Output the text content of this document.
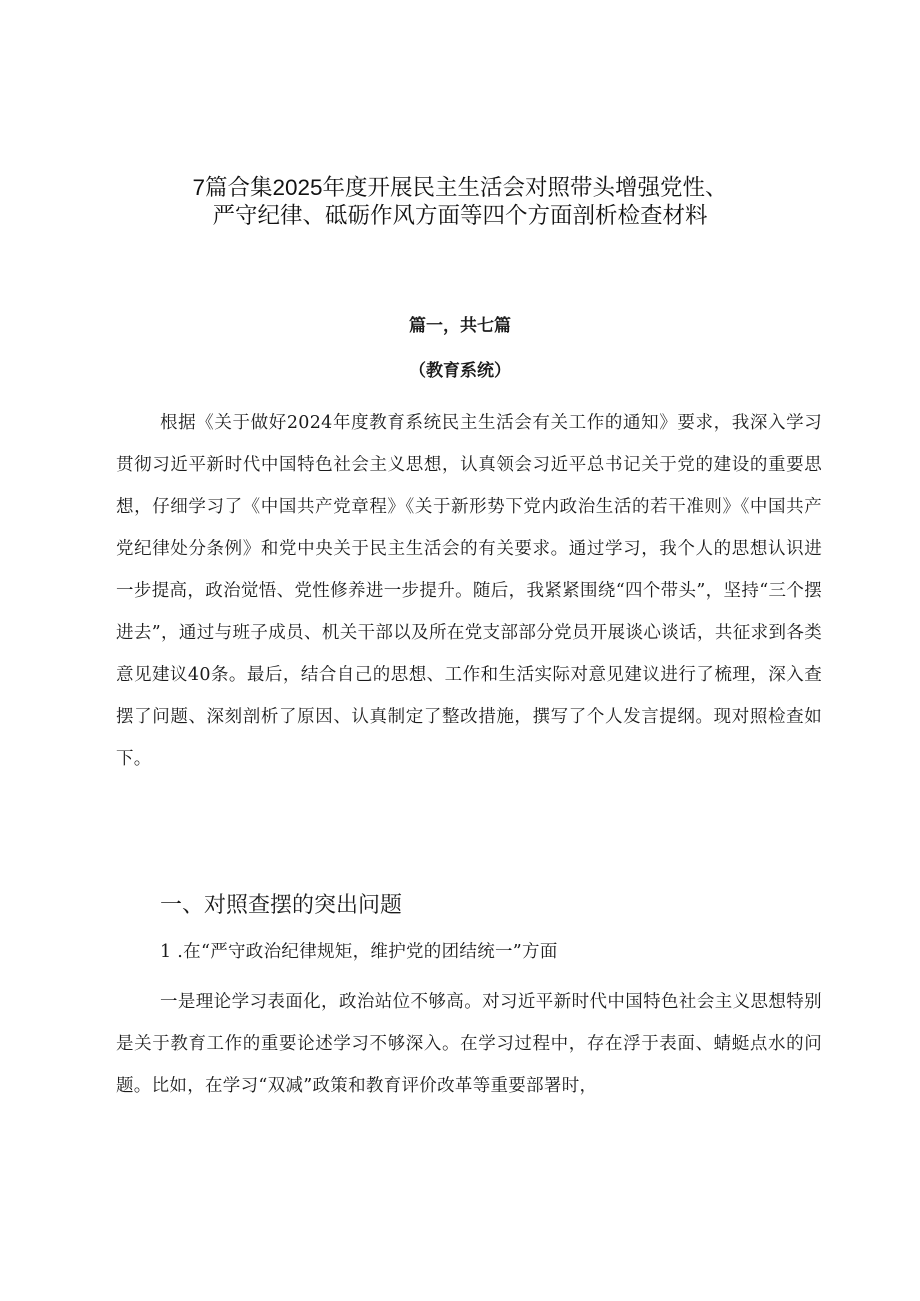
7篇合集2025年度开展民主生活会对照带头增强党性、
严守纪律、砥砺作风方面等四个方面剖析检查材料
篇一，共七篇
（教育系统）

根据《关于做好2024年度教育系统民主生活会有关工作的通知》要求，我深入学习贯彻习近平新时代中国特色社会主义思想，认真领会习近平总书记关于党的建设的重要思想，仔细学习了《中国共产党章程》《关于新形势下党内政治生活的若干准则》《中国共产党纪律处分条例》和党中央关于民主生活会的有关要求。通过学习，我个人的思想认识进一步提高，政治觉悟、党性修养进一步提升。随后，我紧紧围绕“四个带头”，坚持“三个摆进去”，通过与班子成员、机关干部以及所在党支部部分党员开展谈心谈话，共征求到各类意见建议40条。最后，结合自己的思想、工作和生活实际对意见建议进行了梳理，深入查摆了问题、深刻剖析了原因、认真制定了整改措施，撰写了个人发言提纲。现对照检查如下。

一、对照查摆的突出问题
1 .在“严守政治纪律规矩，维护党的团结统一”方面

一是理论学习表面化，政治站位不够高。对习近平新时代中国特色社会主义思想特别是关于教育工作的重要论述学习不够深入。在学习过程中，存在浮于表面、蜻蜓点水的问题。比如，在学习“双减”政策和教育评价改革等重要部署时，
